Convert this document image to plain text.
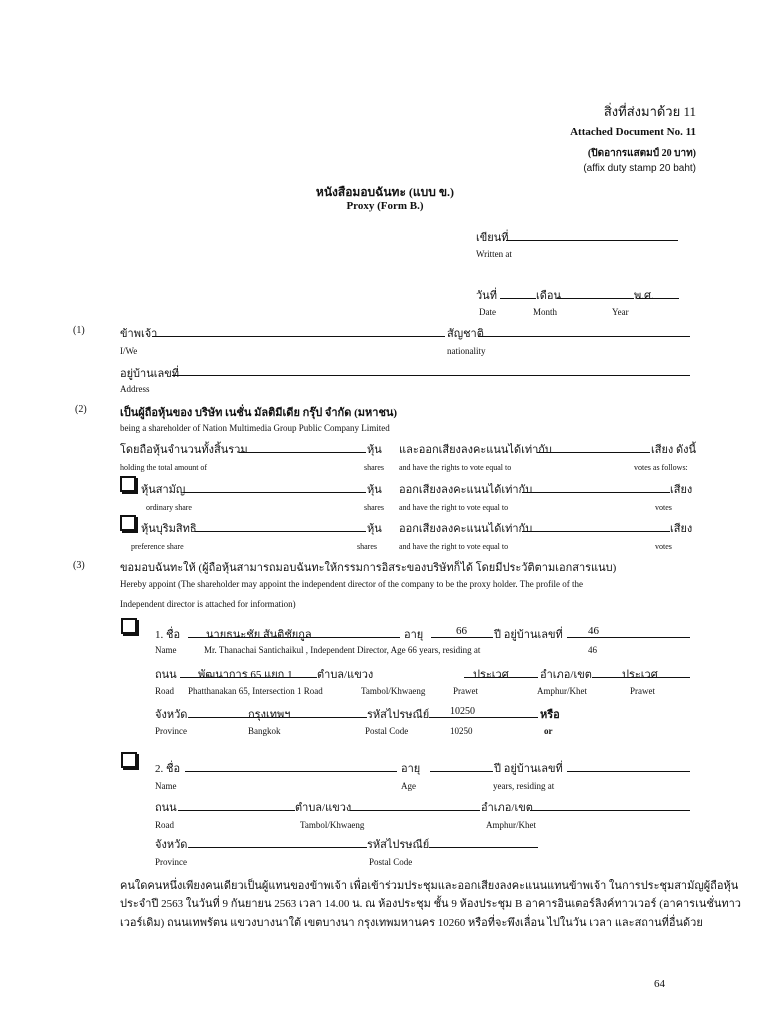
สิ่งที่ส่งมาด้วย 11
Attached Document No. 11
(ปิดอากรแสตมป์ 20 บาท)
(affix duty stamp 20 baht)
หนังสือมอบฉันทะ (แบบ ข.)
Proxy (Form B.)
เขียนที่
Written at
วันที่	เดือน	พ.ศ.
Date	Month	Year
(1)	ข้าพเจ้า	สัญชาติ
I/We	nationality
อยู่บ้านเลขที่
Address
(2)	เป็นผู้ถือหุ้นของ บริษัท เนชั่น มัลติมีเดีย กรุ๊ป จำกัด (มหาชน)
being a shareholder of Nation Multimedia Group Public Company Limited
โดยถือหุ้นจำนวนทั้งสิ้นรวม	หุ้น และออกเสียงลงคะแนนได้เท่ากับ	เสียง ดังนี้
holding the total amount of	shares and have the rights to vote equal to	votes as follows:
หุ้นสามัญ	หุ้น ออกเสียงลงคะแนนได้เท่ากับ	เสียง
ordinary share	shares and have the right to vote equal to	votes
หุ้นบุริมสิทธิ	หุ้น ออกเสียงลงคะแนนได้เท่ากับ	เสียง
preference share	shares	and have the right to vote equal to	votes
(3)	ขอมอบฉันทะให้ (ผู้ถือหุ้นสามารถมอบฉันทะให้กรรมการอิสระของบริษัทก็ได้ โดยมีประวัติตามเอกสารแนบ)
Hereby appoint (The shareholder may appoint the independent director of the company to be the proxy holder. The profile of the
Independent director is attached for information)
1. ชื่อ นายธนะชัย สันติชัยกูล	อายุ	66 ปี อยู่บ้านเลขที่ 46
Name	Mr. Thanachai Santichaikul , Independent Director, Age 66 years, residing at	46
ถนน พัฒนาการ 65 แยก 1 ตำบล/แขวง	ประเวศ	อำเภอ/เขต	ประเวศ
Road Phatthanakan 65, Intersection 1 Road	Tambol/Khwaeng	Prawet	Amphur/Khet	Prawet
จังหวัด	กรุงเทพฯ	รหัสไปรษณีย์ 10250	หรือ
Province	Bangkok	Postal Code	10250	or
2. ชื่อ	อายุ	ปี อยู่บ้านเลขที่
Name	Age	years, residing at
ถนน	ตำบล/แขวง	อำเภอ/เขต
Road	Tambol/Khwaeng	Amphur/Khet
จังหวัด	รหัสไปรษณีย์
Province	Postal Code
คนใดคนหนึ่งเพียงคนเดียวเป็นผู้แทนของข้าพเจ้า เพื่อเข้าร่วมประชุมและออกเสียงลงคะแนนแทนข้าพเจ้า ในการประชุมสามัญผู้ถือหุ้น
ประจำปี 2563 ในวันที่ 9 กันยายน 2563 เวลา 14.00 น. ณ ห้องประชุม ชั้น 9 ห้องประชุม B อาคารอินเตอร์ลิงค์ทาวเวอร์ (อาคารเนชั่นทาว
เวอร์เดิม) ถนนเทพรัตน แขวงบางนาใต้ เขตบางนา กรุงเทพมหานคร 10260 หรือที่จะพึงเลื่อน ไปในวัน เวลา และสถานที่อื่นด้วย
64
